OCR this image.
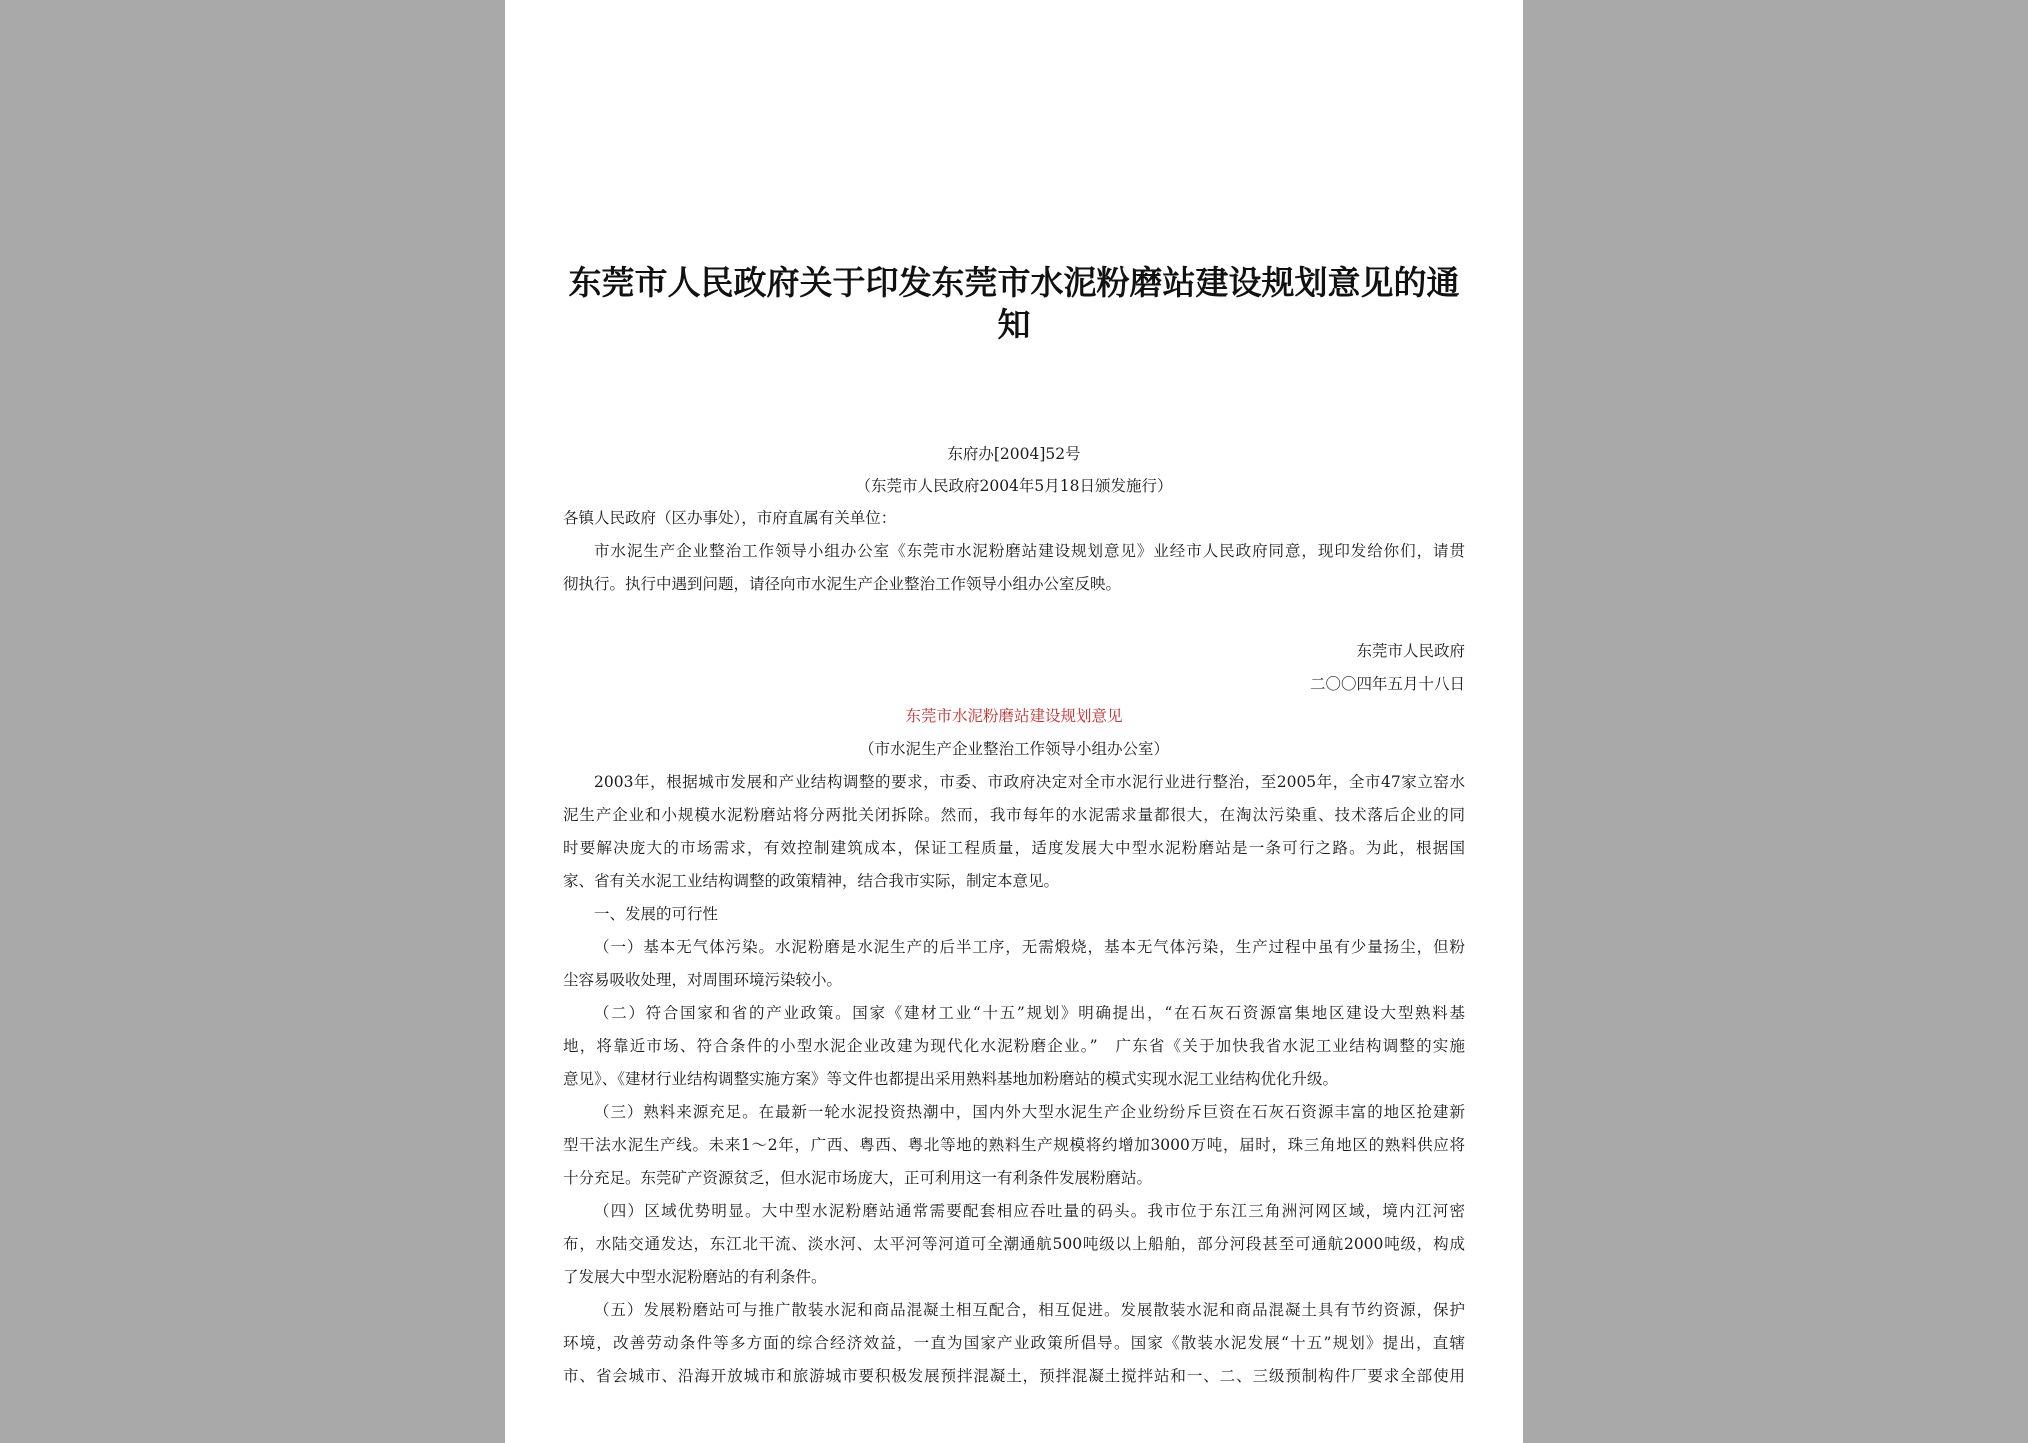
东莞市人民政府关于印发东莞市水泥粉磨站建设规划意见的通知

东府办[2004]52号

（东莞市人民政府2004年5月18日颁发施行）

各镇人民政府（区办事处），市府直属有关单位：

市水泥生产企业整治工作领导小组办公室《东莞市水泥粉磨站建设规划意见》业经市人民政府同意，现印发给你们，请贯

彻执行。执行中遇到问题，请径向市水泥生产企业整治工作领导小组办公室反映。

东莞市人民政府

二〇〇四年五月十八日

东莞市水泥粉磨站建设规划意见

（市水泥生产企业整治工作领导小组办公室）

2003年，根据城市发展和产业结构调整的要求，市委、市政府决定对全市水泥行业进行整治，至2005年，全市47家立窑水

泥生产企业和小规模水泥粉磨站将分两批关闭拆除。然而，我市每年的水泥需求量都很大，在淘汰污染重、技术落后企业的同

时要解决庞大的市场需求，有效控制建筑成本，保证工程质量，适度发展大中型水泥粉磨站是一条可行之路。为此，根据国

家、省有关水泥工业结构调整的政策精神，结合我市实际，制定本意见。

一、发展的可行性

（一）基本无气体污染。水泥粉磨是水泥生产的后半工序，无需煅烧，基本无气体污染，生产过程中虽有少量扬尘，但粉

尘容易吸收处理，对周围环境污染较小。

（二）符合国家和省的产业政策。国家《建材工业“十五”规划》明确提出，“在石灰石资源富集地区建设大型熟料基

地，将靠近市场、符合条件的小型水泥企业改建为现代化水泥粉磨企业。”　广东省《关于加快我省水泥工业结构调整的实施

意见》、《建材行业结构调整实施方案》等文件也都提出采用熟料基地加粉磨站的模式实现水泥工业结构优化升级。

（三）熟料来源充足。在最新一轮水泥投资热潮中，国内外大型水泥生产企业纷纷斥巨资在石灰石资源丰富的地区抢建新

型干法水泥生产线。未来1～2年，广西、粤西、粤北等地的熟料生产规模将约增加3000万吨，届时，珠三角地区的熟料供应将

十分充足。东莞矿产资源贫乏，但水泥市场庞大，正可利用这一有利条件发展粉磨站。

（四）区域优势明显。大中型水泥粉磨站通常需要配套相应吞吐量的码头。我市位于东江三角洲河网区域，境内江河密

布，水陆交通发达，东江北干流、淡水河、太平河等河道可全潮通航500吨级以上船舶，部分河段甚至可通航2000吨级，构成

了发展大中型水泥粉磨站的有利条件。

（五）发展粉磨站可与推广散装水泥和商品混凝土相互配合，相互促进。发展散装水泥和商品混凝土具有节约资源，保护

环境，改善劳动条件等多方面的综合经济效益，一直为国家产业政策所倡导。国家《散装水泥发展“十五”规划》提出，直辖

市、省会城市、沿海开放城市和旅游城市要积极发展预拌混凝土，预拌混凝土搅拌站和一、二、三级预制构件厂要求全部使用
